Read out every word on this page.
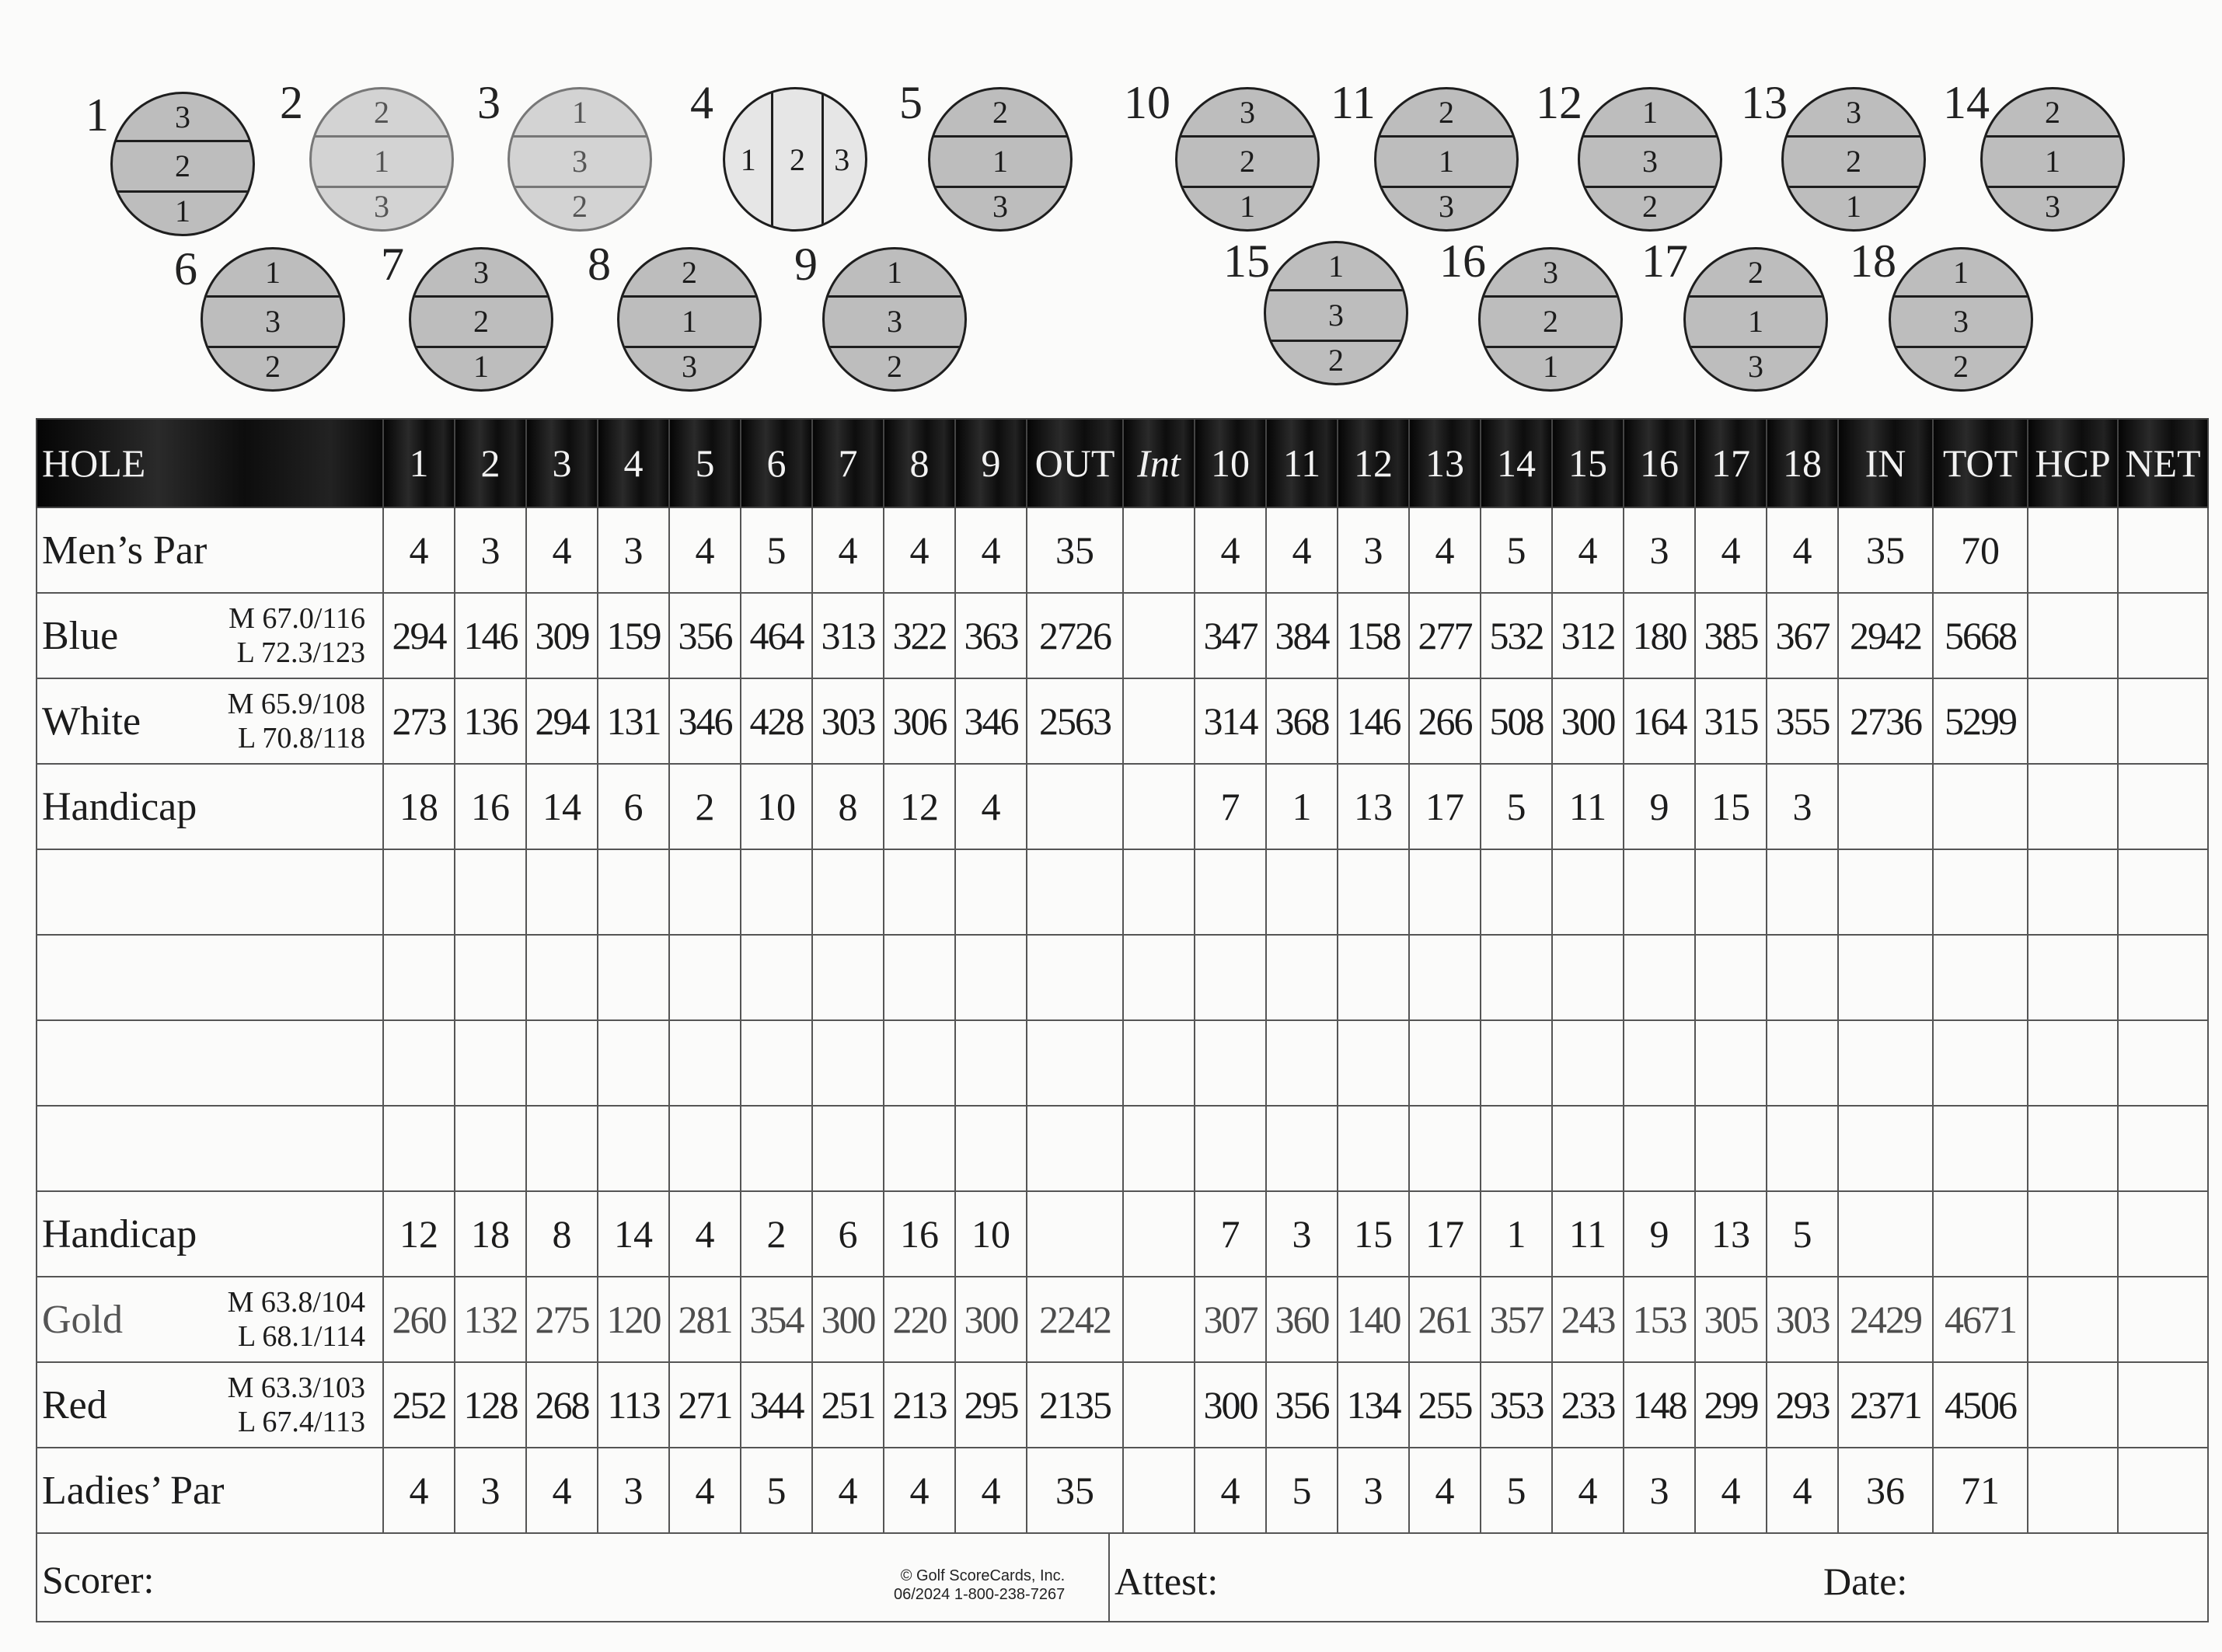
1	3
2
1
2	2
1
3
3	1
3
2
4
1	2 3
5	2
1
3
6	1
3
2
7	3
2
1
8	2
1
3
9	1
3
2
10	3
2
1
11	2
1
3
12	1
3
2
13	3
2
1
14	2
1
3
15	1
3
2
16	3
2
1
17	2
1
3
18	1
3
2
HOLE	1	2	3	4	5	6	7	8	9	OUT	Int	10	11	12	13	14	15	16	17	18	IN	TOT	HCP	NET
Men’s Par	4	3	4	3	4	5	4	4	4	35		4	4	3	4	5	4	3	4	4	35	70		
Blue M 67.0/116
L 72.3/123	294	146	309	159	356	464	313	322	363	2726		347	384	158	277	532	312	180	385	367	2942	5668		
White M 65.9/108
L 70.8/118	273	136	294	131	346	428	303	306	346	2563		314	368	146	266	508	300	164	315	355	2736	5299		
Handicap	18	16	14	6	2	10	8	12	4			7	1	13	17	5	11	9	15	3				

Handicap	12	18	8	14	4	2	6	16	10			7	3	15	17	1	11	9	13	5				
Gold M 63.8/104
L 68.1/114	260	132	275	120	281	354	300	220	300	2242		307	360	140	261	357	243	153	305	303	2429	4671		
Red M 63.3/103
L 67.4/113	252	128	268	113	271	344	251	213	295	2135		300	356	134	255	353	233	148	299	293	2371	4506		
Ladies’ Par	4	3	4	3	4	5	4	4	4	35		4	5	3	4	5	4	3	4	4	36	71		

Scorer: © Golf ScoreCards, Inc.
06/2024 1-800-238-7267 Attest: Date:																								
